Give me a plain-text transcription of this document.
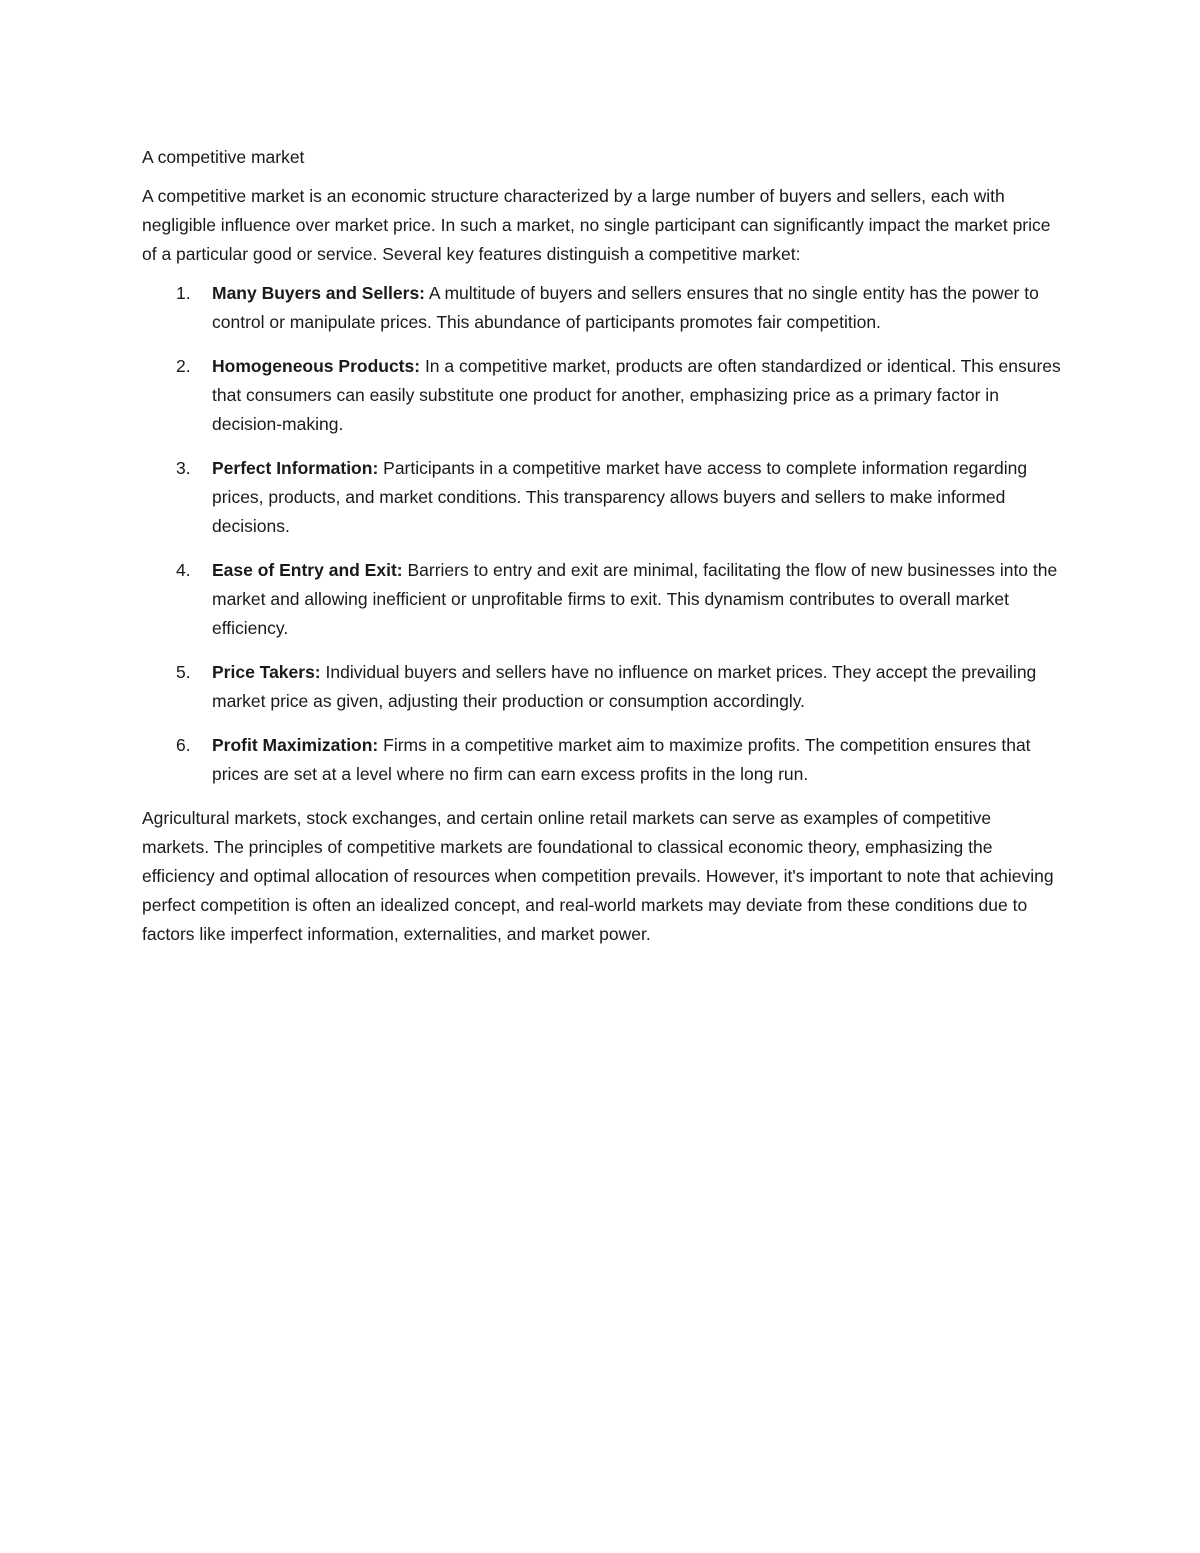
A competitive market

A competitive market is an economic structure characterized by a large number of buyers and sellers, each with negligible influence over market price. In such a market, no single participant can significantly impact the market price of a particular good or service. Several key features distinguish a competitive market:

1. Many Buyers and Sellers: A multitude of buyers and sellers ensures that no single entity has the power to control or manipulate prices. This abundance of participants promotes fair competition.
2. Homogeneous Products: In a competitive market, products are often standardized or identical. This ensures that consumers can easily substitute one product for another, emphasizing price as a primary factor in decision-making.
3. Perfect Information: Participants in a competitive market have access to complete information regarding prices, products, and market conditions. This transparency allows buyers and sellers to make informed decisions.
4. Ease of Entry and Exit: Barriers to entry and exit are minimal, facilitating the flow of new businesses into the market and allowing inefficient or unprofitable firms to exit. This dynamism contributes to overall market efficiency.
5. Price Takers: Individual buyers and sellers have no influence on market prices. They accept the prevailing market price as given, adjusting their production or consumption accordingly.
6. Profit Maximization: Firms in a competitive market aim to maximize profits. The competition ensures that prices are set at a level where no firm can earn excess profits in the long run.

Agricultural markets, stock exchanges, and certain online retail markets can serve as examples of competitive markets. The principles of competitive markets are foundational to classical economic theory, emphasizing the efficiency and optimal allocation of resources when competition prevails. However, it's important to note that achieving perfect competition is often an idealized concept, and real-world markets may deviate from these conditions due to factors like imperfect information, externalities, and market power.
